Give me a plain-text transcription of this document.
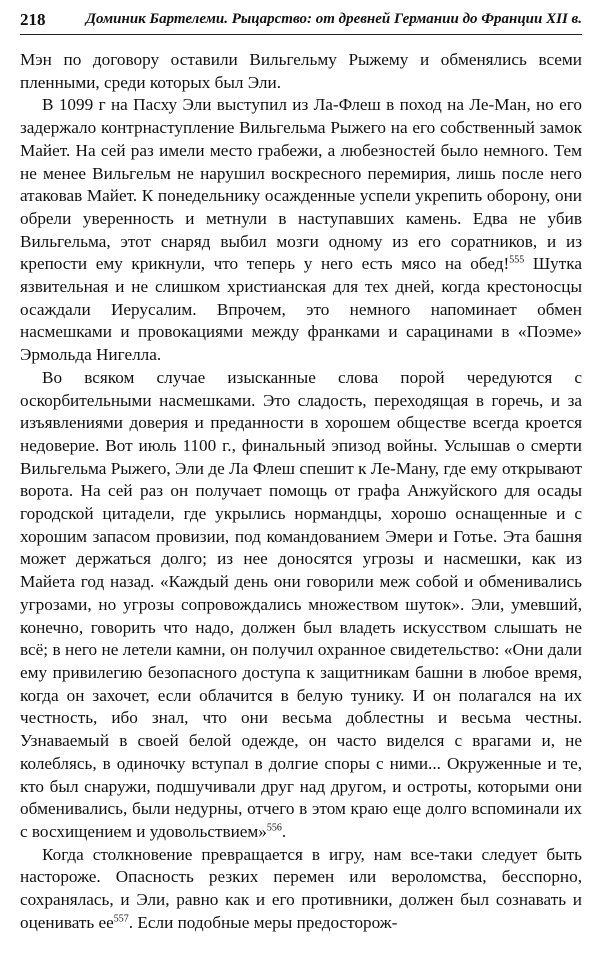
218	Доминик Бартелеми. Рыцарство: от древней Германии до Франции XII в.

Мэн по договору оставили Вильгельму Рыжему и обменялись всеми пленными, среди которых был Эли.

В 1099 г на Пасху Эли выступил из Ла-Флеш в поход на Ле-Ман, но его задержало контрнаступление Вильгельма Рыжего на его собственный замок Майет. На сей раз имели место грабежи, а любезностей было немного. Тем не менее Вильгельм не нарушил воскресного перемирия, лишь после него атаковав Майет. К понедельнику осажденные успели укрепить оборону, они обрели уверенность и метнули в наступавших камень. Едва не убив Вильгельма, этот снаряд выбил мозги одному из его соратников, и из крепости ему крикнули, что теперь у него есть мясо на обед!$^{555}$ Шутка язвительная и не слишком христианская для тех дней, когда крестоносцы осаждали Иерусалим. Впрочем, это немного напоминает обмен насмешками и провокациями между франками и сарацинами в «Поэме» Эрмольда Нигелла.

Во всяком случае изысканные слова порой чередуются с оскорбительными насмешками. Это сладость, переходящая в горечь, и за изъявлениями доверия и преданности в хорошем обществе всегда кроется недоверие. Вот июль 1100 г., финальный эпизод войны. Услышав о смерти Вильгельма Рыжего, Эли де Ла Флеш спешит к Ле-Ману, где ему открывают ворота. На сей раз он получает помощь от графа Анжуйского для осады городской цитадели, где укрылись нормандцы, хорошо оснащенные и с хорошим запасом провизии, под командованием Эмери и Готье. Эта башня может держаться долго; из нее доносятся угрозы и насмешки, как из Майета год назад. «Каждый день они говорили меж собой и обменивались угрозами, но угрозы сопровождались множеством шуток». Эли, умевший, конечно, говорить что надо, должен был владеть искусством слышать не всё; в него не летели камни, он получил охранное свидетельство: «Они дали ему привилегию безопасного доступа к защитникам башни в любое время, когда он захочет, если облачится в белую тунику. И он полагался на их честность, ибо знал, что они весьма доблестны и весьма честны. Узнаваемый в своей белой одежде, он часто виделся с врагами и, не колеблясь, в одиночку вступал в долгие споры с ними... Окруженные и те, кто был снаружи, подшучивали друг над другом, и остроты, которыми они обменивались, были недурны, отчего в этом краю еще долго вспоминали их с восхищением и удовольствием»$^{556}$.

Когда столкновение превращается в игру, нам все-таки следует быть настороже. Опасность резких перемен или вероломства, бесспорно, сохранялась, и Эли, равно как и его противники, должен был сознавать и оценивать $ее^{557}$. Если подобные меры предосторож-
